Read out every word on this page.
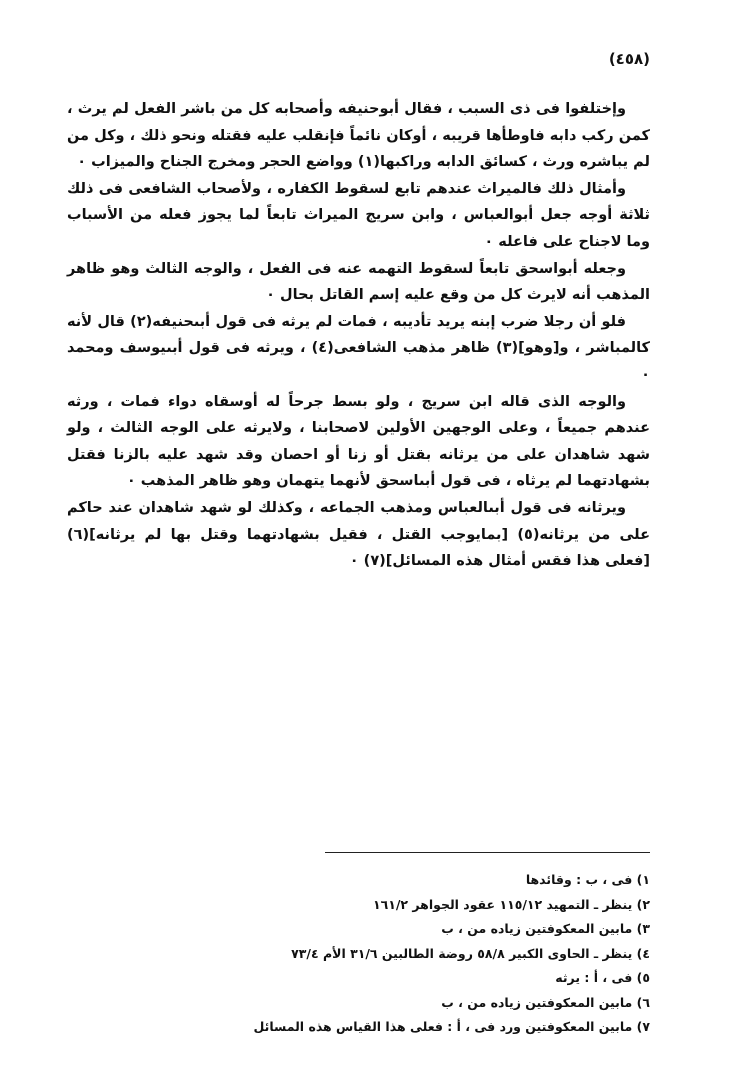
(٤٥٨)

وإختلفوا فى ذى السبب ، فقال أبوحنيفه وأصحابه كل من باشر الفعل لم يرث ، كمن ركب دابه فاوطأها قريبه ، أوكان نائماً فإنقلب عليه فقتله ونحو ذلك ، وكل من لم يباشره ورث ، كسائق الدابه وراكبها(١) وواضع الحجر ومخرج الجناح والميزاب ٠

وأمثال ذلك فالميراث عندهم تابع لسقوط الكفاره ، ولأصحاب الشافعى فى ذلك ثلاثة أوجه جعل أبوالعباس ، وابن سريج الميراث تابعاً لما يجوز فعله من الأسباب وما لاجناح على فاعله ٠

وجعله أبواسحق تابعاً لسقوط التهمه عنه فى الفعل ، والوجه الثالث وهو ظاهر المذهب أنه لايرث كل من وقع عليه إسم القاتل بحال ٠

فلو أن رجلا ضرب إبنه يريد تأديبه ، فمات لم يرثه فى قول أبىحنيفه(٢) قال لأنه كالمباشر ، و[وهو](٣) ظاهر مذهب الشافعى(٤) ، ويرثه فى قول أبىيوسف ومحمد ٠

والوجه الذى قاله ابن سريج ، ولو بسط جرحاً له أوسقاه دواء فمات ، ورثه عندهم جميعاً ، وعلى الوجهين الأولين لاصحابنا ، ولايرثه على الوجه الثالث ، ولو شهد شاهدان على من يرثانه بقتل أو زنا أو احصان وقد شهد عليه بالزنا فقتل بشهادتهما لم يرثاه ، فى قول أبىاسحق لأنهما يتهمان وهو ظاهر المذهب ٠

ويرثانه فى قول أبىالعباس ومذهب الجماعه ، وكذلك لو شهد شاهدان عند حاكم على من يرثانه(٥) [بمايوجب القتل ، فقيل بشهادتهما وقتل بها لم يرثانه](٦) [فعلى هذا فقس أمثال هذه المسائل](٧) ٠

١) فى ، ب : وقائدها
٢) ينظر ـ التمهيد ١١٥/١٢ عقود الجواهر ١٦١/٢
٣) مابين المعكوفتين زياده من ، ب
٤) ينظر ـ الحاوى الكبير ٥٨/٨ روضة الطالبين ٣١/٦ الأم ٧٣/٤
٥) فى ، أ : يرثه
٦) مابين المعكوفتين زياده من ، ب
٧) مابين المعكوفتين ورد فى ، أ : فعلى هذا القياس هذه المسائل
